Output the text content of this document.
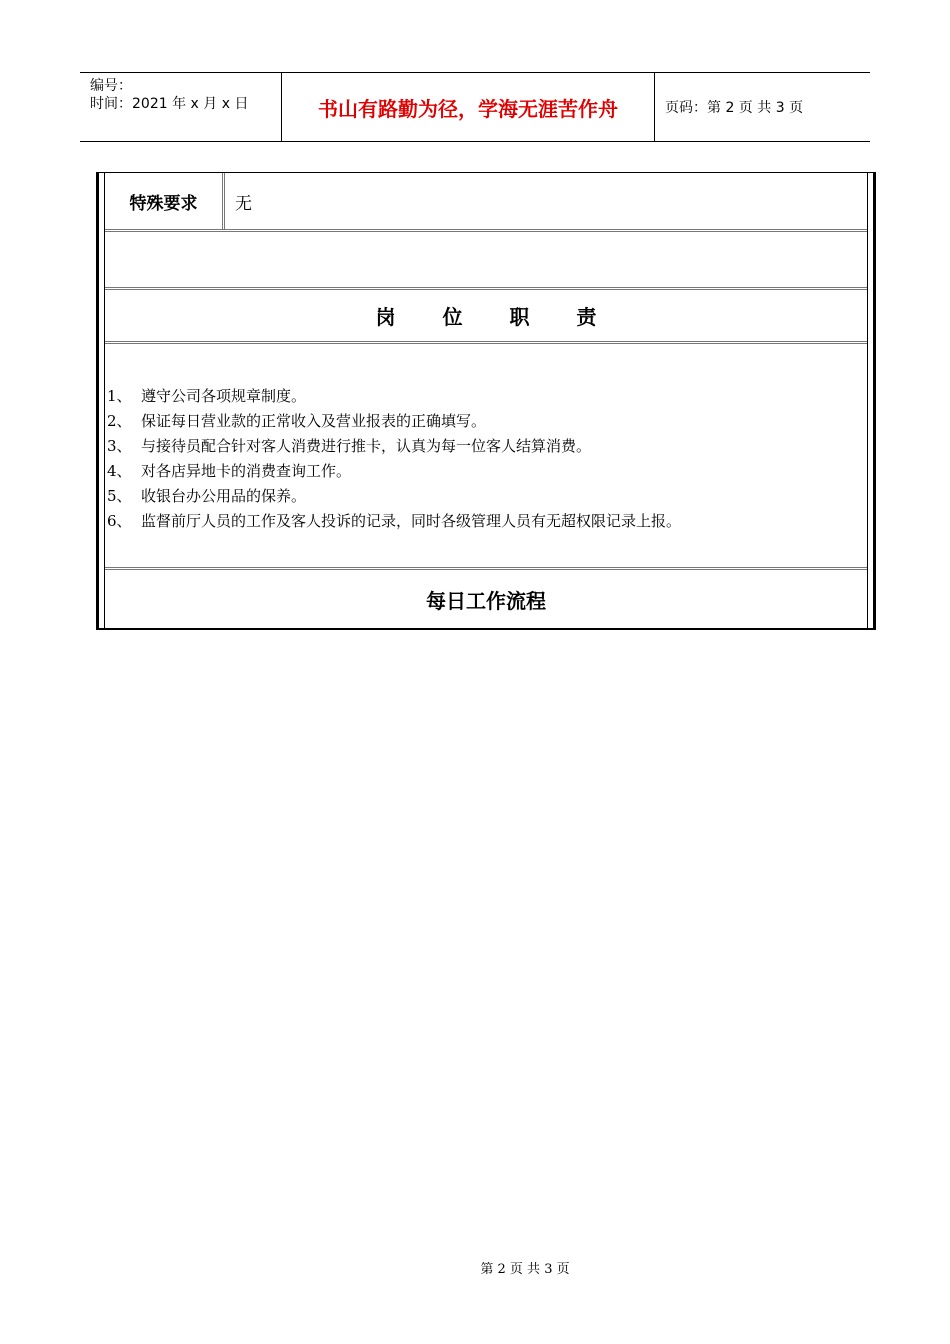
编号：
时间：2021 年 x 月 x 日	书山有路勤为径，学海无涯苦作舟	页码：第 2 页 共 3 页
特殊要求	无
岗 位 职 责
1、 遵守公司各项规章制度。
2、 保证每日营业款的正常收入及营业报表的正确填写。
3、 与接待员配合针对客人消费进行推卡，认真为每一位客人结算消费。
4、 对各店异地卡的消费查询工作。
5、 收银台办公用品的保养。
6、 监督前厅人员的工作及客人投诉的记录，同时各级管理人员有无超权限记录上报。
每日工作流程
第 2 页 共 3 页
